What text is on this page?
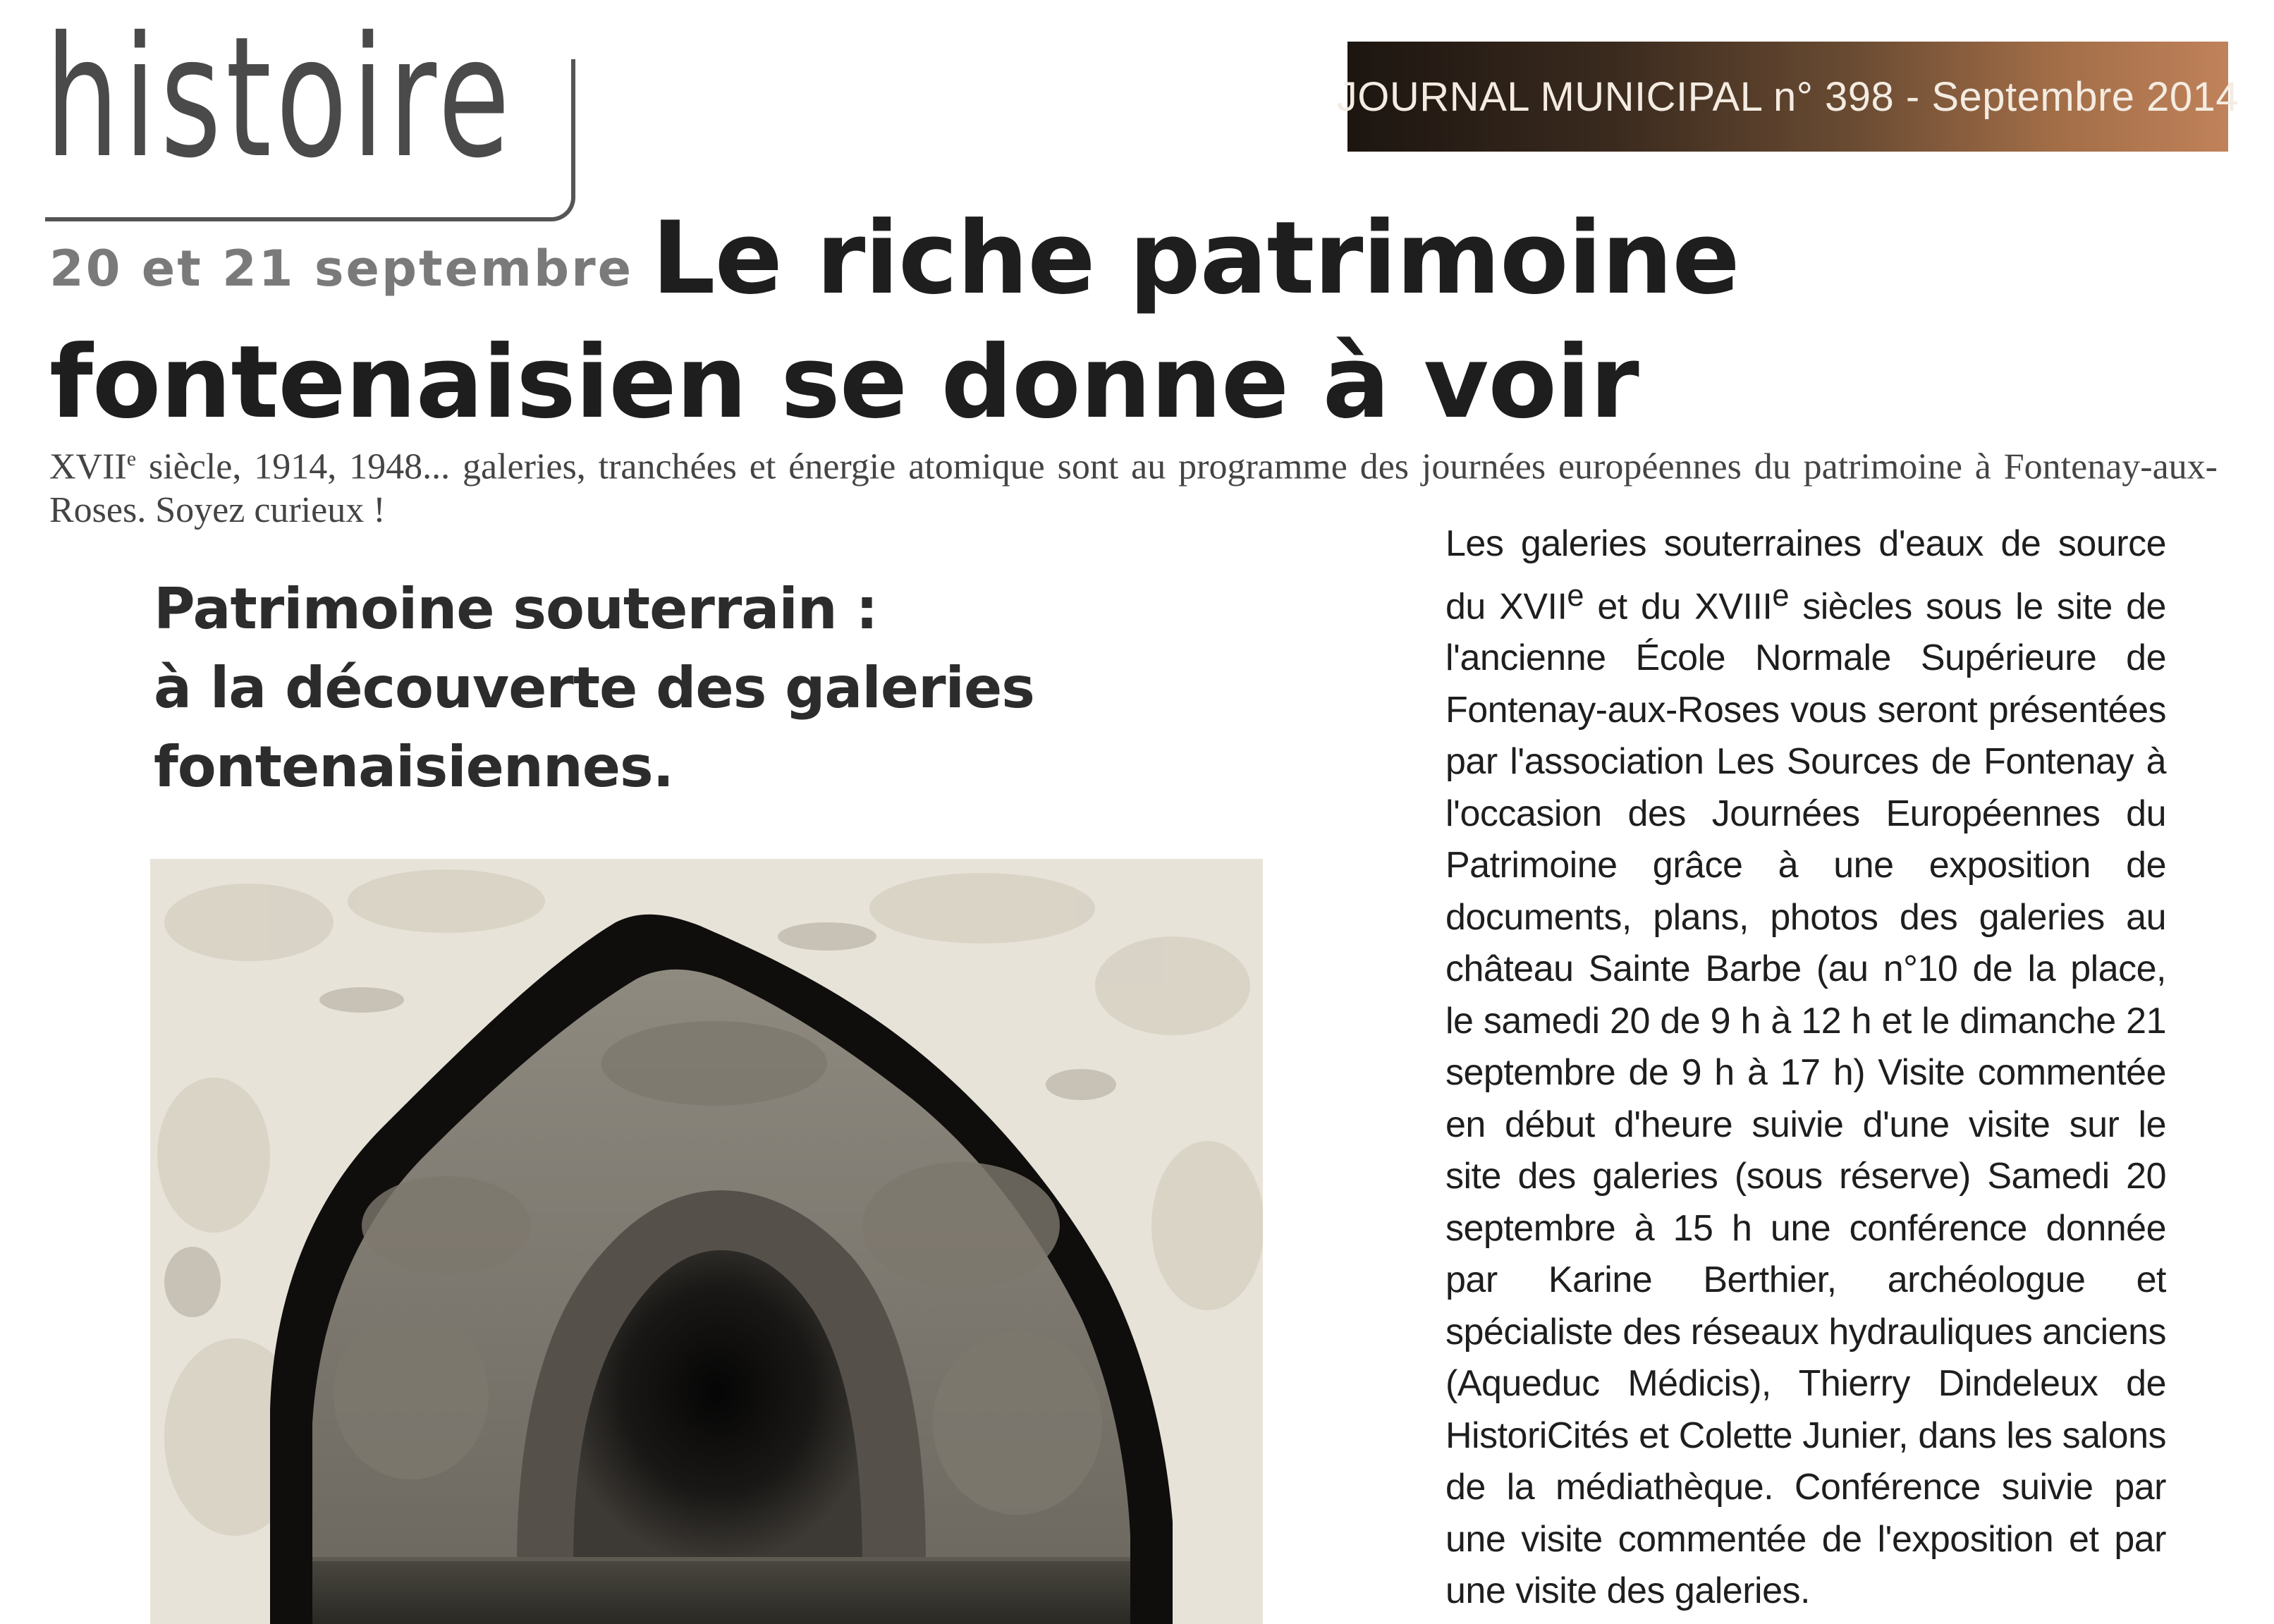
histoire	JOURNAL MUNICIPAL n° 398 - Septembre 2014
20 et 21 septembre Le riche patrimoine fontenaisien se donne à voir

XVIIe siècle, 1914, 1948... galeries, tranchées et énergie atomique sont au programme des journées européennes du patrimoine à Fontenay-aux-Roses. Soyez curieux !

Patrimoine souterrain :
à la découverte des galeries
fontenaisiennes.

Les galeries souterraines d'eaux de source du XVIIe et du XVIIIe siècles sous le site de l'ancienne École Normale Supérieure de Fontenay-aux-Roses vous seront présentées par l'association Les Sources de Fontenay à l'occasion des Journées Européennes du Patrimoine grâce à une exposition de documents, plans, photos des galeries au château Sainte Barbe (au n°10 de la place, le samedi 20 de 9 h à 12 h et le dimanche 21 septembre de 9 h à 17 h) Visite commentée en début d'heure suivie d'une visite sur le site des galeries (sous réserve) Samedi 20 septembre à 15 h une conférence donnée par Karine Berthier, archéologue et spécialiste des réseaux hydrauliques anciens (Aqueduc Médicis), Thierry Dindeleux de HistoriCités et Colette Junier, dans les salons de la médiathèque. Conférence suivie par une visite commentée de l'exposition et par une visite des galeries.
